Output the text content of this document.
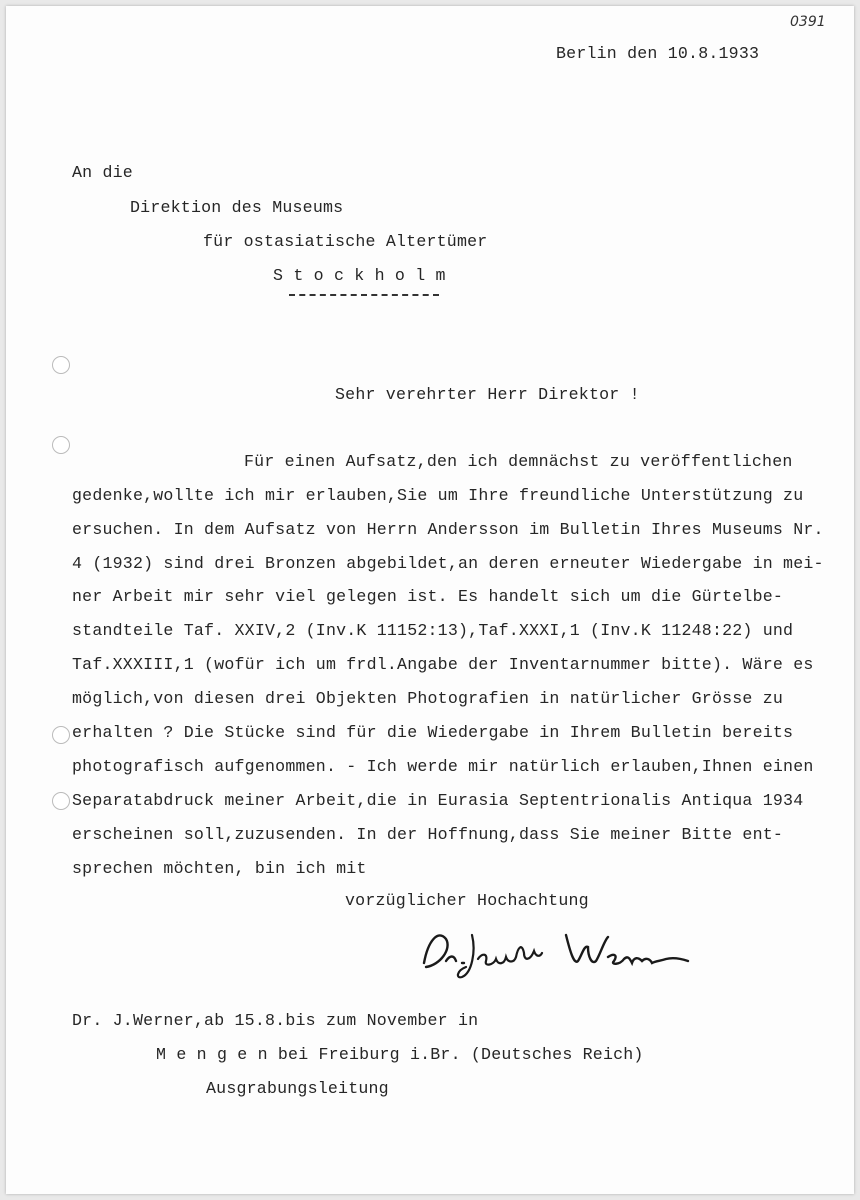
0391

Berlin den 10.8.1933

An die

Direktion des Museums

für ostasiatische Altertümer

S t o c k h o l m

Sehr verehrter Herr Direktor !

Für einen Aufsatz,den ich demnächst zu veröffentlichen

gedenke,wollte ich mir erlauben,Sie um Ihre freundliche Unterstützung zu

ersuchen. In dem Aufsatz von Herrn Andersson im Bulletin Ihres Museums Nr.

4 (1932) sind drei Bronzen abgebildet,an deren erneuter Wiedergabe in mei-

ner Arbeit mir sehr viel gelegen ist. Es handelt sich um die Gürtelbe-

standteile Taf. XXIV,2 (Inv.K 11152:13),Taf.XXXI,1 (Inv.K 11248:22) und

Taf.XXXIII,1 (wofür ich um frdl.Angabe der Inventarnummer bitte). Wäre es

möglich,von diesen drei Objekten Photografien in natürlicher Grösse zu

erhalten ? Die Stücke sind für die Wiedergabe in Ihrem Bulletin bereits

photografisch aufgenommen. - Ich werde mir natürlich erlauben,Ihnen einen

Separatabdruck meiner Arbeit,die in Eurasia Septentrionalis Antiqua 1934

erscheinen soll,zuzusenden. In der Hoffnung,dass Sie meiner Bitte ent-

sprechen möchten, bin ich mit

vorzüglicher Hochachtung

Dr. J.Werner,ab 15.8.bis zum November in

M e n g e n bei Freiburg i.Br. (Deutsches Reich)

Ausgrabungsleitung
